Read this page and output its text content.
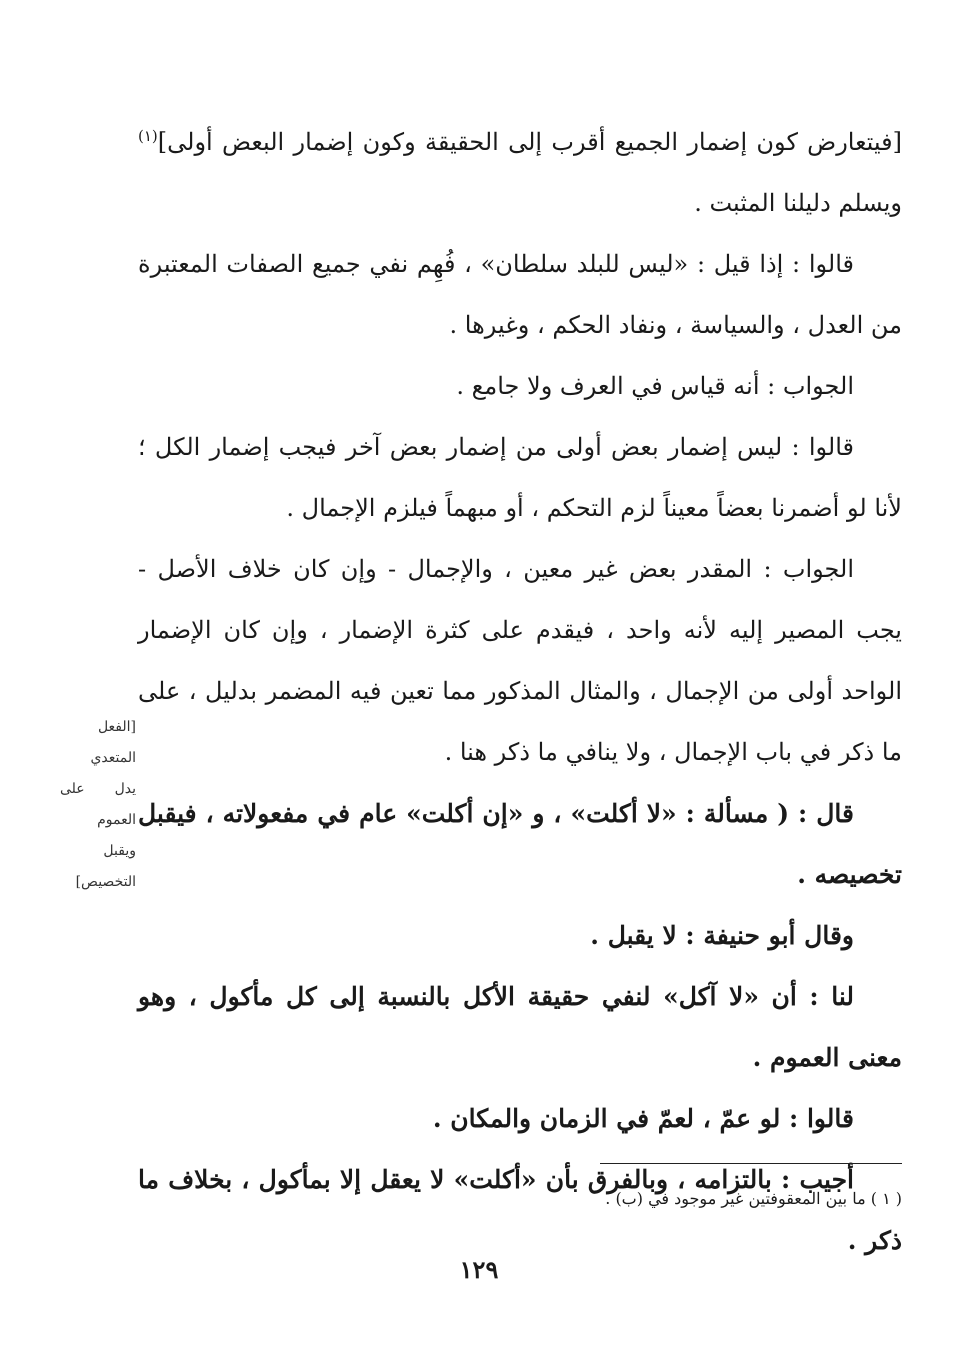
[فيتعارض كون إضمار الجميع أقرب إلى الحقيقة وكون إضمار البعض أولى]$^{(١)}$ ويسلم دليلنا المثبت .

قالوا : إذا قيل : «ليس للبلد سلطان» ، فُهِم نفي جميع الصفات المعتبرة من العدل ، والسياسة ، ونفاد الحكم ، وغيرها .

الجواب : أنه قياس في العرف ولا جامع .

قالوا : ليس إضمار بعض أولى من إضمار بعض آخر فيجب إضمار الكل ؛ لأنا لو أضمرنا بعضاً معيناً لزم التحكم ، أو مبهماً فيلزم الإجمال .

الجواب : المقدر بعض غير معين ، والإجمال - وإن كان خلاف الأصل - يجب المصير إليه لأنه واحد ، فيقدم على كثرة الإضمار ، وإن كان الإضمار الواحد أولى من الإجمال ، والمثال المذكور مما تعين فيه المضمر بدليل ، على ما ذكر في باب الإجمال ، ولا ينافي ما ذكر هنا .

قال : ( مسألة : «لا أكلت» ، و «إن أكلت» عام في مفعولاته ، فيقبل تخصيصه .

وقال أبو حنيفة : لا يقبل .

لنا : أن «لا آكل» لنفي حقيقة الأكل بالنسبة إلى كل مأكول ، وهو معنى العموم .

قالوا : لو عمّ ، لعمّ في الزمان والمكان .

أجيب : بالتزامه ، وبالفرق بأن «أكلت» لا يعقل إلا بمأكول ، بخلاف ما ذكر .

[الفعل
المتعدي
يدل على
العموم
ويقبل
التخصيص]
( ١ ) ما بين المعقوفتين غير موجود في (ب) .
١٢٩
